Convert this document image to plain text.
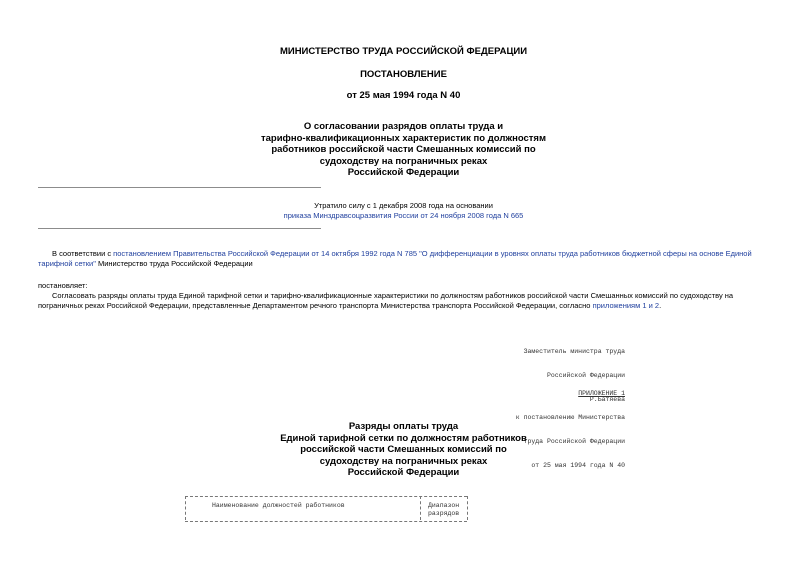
МИНИСТЕРСТВО ТРУДА РОССИЙСКОЙ ФЕДЕРАЦИИ
ПОСТАНОВЛЕНИЕ
от 25 мая 1994 года N 40
О согласовании разрядов оплаты труда и
тарифно-квалификационных характеристик по должностям
работников российской части Смешанных комиссий по
судоходству на пограничных реках
Российской Федерации
Утратило силу с 1 декабря 2008 года на основании
приказа Минздравсоцразвития России от 24 ноября 2008 года N 665
В соответствии с постановлением Правительства Российской Федерации от 14 октября 1992 года N 785 "О дифференциации в уровнях оплаты труда работников бюджетной сферы на основе Единой тарифной сетки" Министерство труда Российской Федерации
постановляет:
Согласовать разряды оплаты труда Единой тарифной сетки и тарифно-квалификационные характеристики по должностям работников российской части Смешанных комиссий по судоходству на пограничных реках Российской Федерации, представленные Департаментом речного транспорта Министерства транспорта Российской Федерации, согласно приложениям 1 и 2.

Заместитель министра труда

Российской Федерации

Р.Батяева

ПРИЛОЖЕНИЕ 1

к постановлению Министерства

труда Российской Федерации

от 25 мая 1994 года N 40

Разряды оплаты труда
Единой тарифной сетки по должностям работников
российской части Смешанных комиссий по
судоходству на пограничных реках
Российской Федерации
Наименование должностей работников	Диапазон
разрядов
